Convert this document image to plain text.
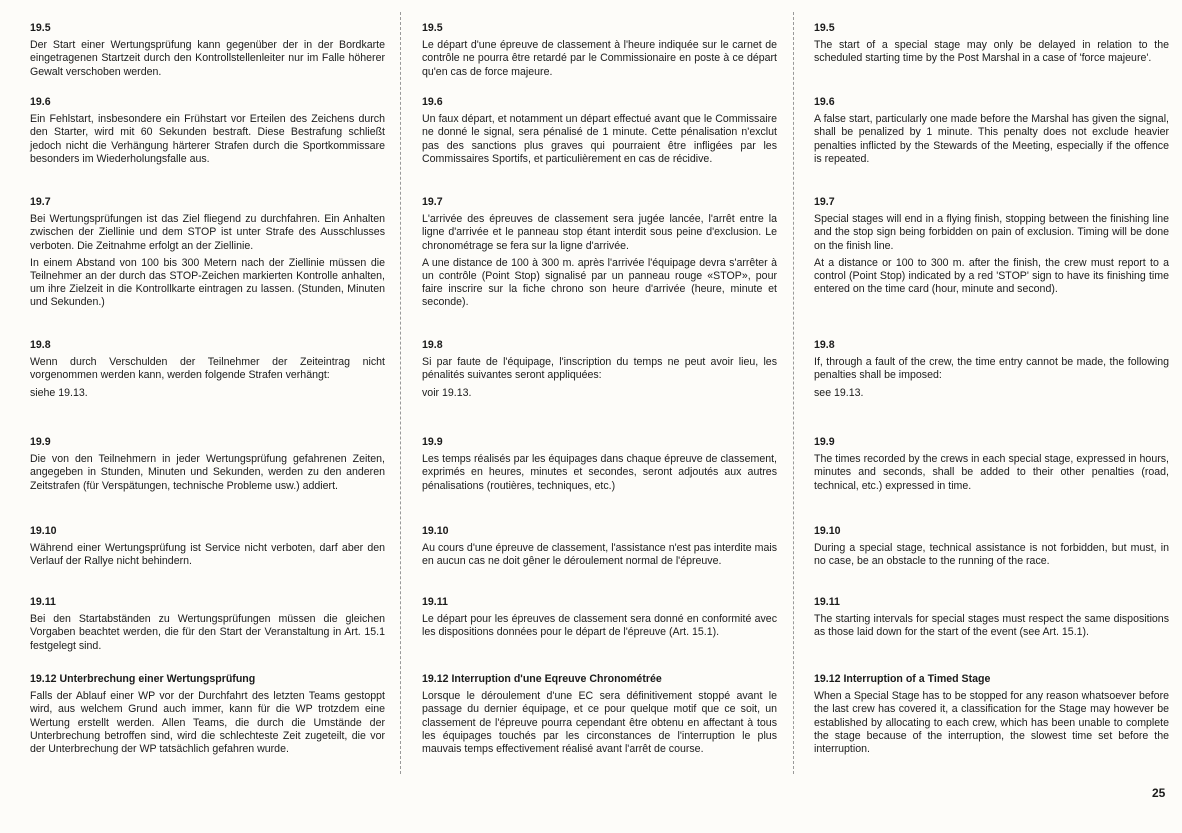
19.5

Der Start einer Wertungsprüfung kann gegenüber der in der Bordkarte eingetragenen Startzeit durch den Kontrollstellenleiter nur im Falle höherer Gewalt verschoben werden.

19.6

Ein Fehlstart, insbesondere ein Frühstart vor Erteilen des Zeichens durch den Starter, wird mit 60 Sekunden bestraft. Diese Bestrafung schließt jedoch nicht die Verhängung härterer Strafen durch die Sportkommissare besonders im Wiederholungsfalle aus.

19.7

Bei Wertungsprüfungen ist das Ziel fliegend zu durchfahren. Ein Anhalten zwischen der Ziellinie und dem STOP ist unter Strafe des Ausschlusses verboten. Die Zeitnahme erfolgt an der Ziellinie.

In einem Abstand von 100 bis 300 Metern nach der Ziellinie müssen die Teilnehmer an der durch das STOP-Zeichen markierten Kontrolle anhalten, um ihre Zielzeit in die Kontrollkarte eintragen zu lassen. (Stunden, Minuten und Sekunden.)

19.8

Wenn durch Verschulden der Teilnehmer der Zeiteintrag nicht vorgenommen werden kann, werden folgende Strafen verhängt:

siehe 19.13.

19.9

Die von den Teilnehmern in jeder Wertungsprüfung gefahrenen Zeiten, angegeben in Stunden, Minuten und Sekunden, werden zu den anderen Zeitstrafen (für Verspätungen, technische Probleme usw.) addiert.

19.10

Während einer Wertungsprüfung ist Service nicht verboten, darf aber den Verlauf der Rallye nicht behindern.

19.11

Bei den Startabständen zu Wertungsprüfungen müssen die gleichen Vorgaben beachtet werden, die für den Start der Veranstaltung in Art. 15.1 festgelegt sind.

19.12 Unterbrechung einer Wertungsprüfung

Falls der Ablauf einer WP vor der Durchfahrt des letzten Teams gestoppt wird, aus welchem Grund auch immer, kann für die WP trotzdem eine Wertung erstellt werden. Allen Teams, die durch die Umstände der Unterbrechung betroffen sind, wird die schlechteste Zeit zugeteilt, die vor der Unterbrechung der WP tatsächlich gefahren wurde.

19.5

Le départ d'une épreuve de classement à l'heure indiquée sur le carnet de contrôle ne pourra être retardé par le Commissionaire en poste à ce départ qu'en cas de force majeure.

19.6

Un faux départ, et notamment un départ effectué avant que le Commissaire ne donné le signal, sera pénalisé de 1 minute. Cette pénalisation n'exclut pas des sanctions plus graves qui pourraient être infligées par les Commissaires Sportifs, et particulièrement en cas de récidive.

19.7

L'arrivée des épreuves de classement sera jugée lancée, l'arrêt entre la ligne d'arrivée et le panneau stop étant interdit sous peine d'exclusion. Le chronométrage se fera sur la ligne d'arrivée.

A une distance de 100 à 300 m. après l'arrivée l'équipage devra s'arrêter à un contrôle (Point Stop) signalisé par un panneau rouge «STOP», pour faire inscrire sur la fiche chrono son heure d'arrivée (heure, minute et seconde).

19.8

Si par faute de l'équipage, l'inscription du temps ne peut avoir lieu, les pénalités suivantes seront appliquées:

voir 19.13.

19.9

Les temps réalisés par les équipages dans chaque épreuve de classement, exprimés en heures, minutes et secondes, seront adjoutés aux autres pénalisations (routières, techniques, etc.)

19.10

Au cours d'une épreuve de classement, l'assistance n'est pas interdite mais en aucun cas ne doit gêner le déroulement normal de l'épreuve.

19.11

Le départ pour les épreuves de classement sera donné en conformité avec les dispositions données pour le départ de l'épreuve (Art. 15.1).

19.12 Interruption d'une Eqreuve Chronométrée

Lorsque le déroulement d'une EC sera définitivement stoppé avant le passage du dernier équipage, et ce pour quelque motif que ce soit, un classement de l'épreuve pourra cependant être obtenu en affectant à tous les équipages touchés par les circonstances de l'interruption le plus mauvais temps effectivement réalisé avant l'arrêt de course.

19.5

The start of a special stage may only be delayed in relation to the scheduled starting time by the Post Marshal in a case of 'force majeure'.

19.6

A false start, particularly one made before the Marshal has given the signal, shall be penalized by 1 minute. This penalty does not exclude heavier penalties inflicted by the Stewards of the Meeting, especially if the offence is repeated.

19.7

Special stages will end in a flying finish, stopping between the finishing line and the stop sign being forbidden on pain of exclusion. Timing will be done on the finish line.

At a distance or 100 to 300 m. after the finish, the crew must report to a control (Point Stop) indicated by a red 'STOP' sign to have its finishing time entered on the time card (hour, minute and second).

19.8

If, through a fault of the crew, the time entry cannot be made, the following penalties shall be imposed:

see 19.13.

19.9

The times recorded by the crews in each special stage, expressed in hours, minutes and seconds, shall be added to their other penalties (road, technical, etc.) expressed in time.

19.10

During a special stage, technical assistance is not forbidden, but must, in no case, be an obstacle to the running of the race.

19.11

The starting intervals for special stages must respect the same dispositions as those laid down for the start of the event (see Art. 15.1).

19.12 Interruption of a Timed Stage

When a Special Stage has to be stopped for any reason whatsoever before the last crew has covered it, a classification for the Stage may however be established by allocating to each crew, which has been unable to complete the stage because of the interruption, the slowest time set before the interruption.

25
